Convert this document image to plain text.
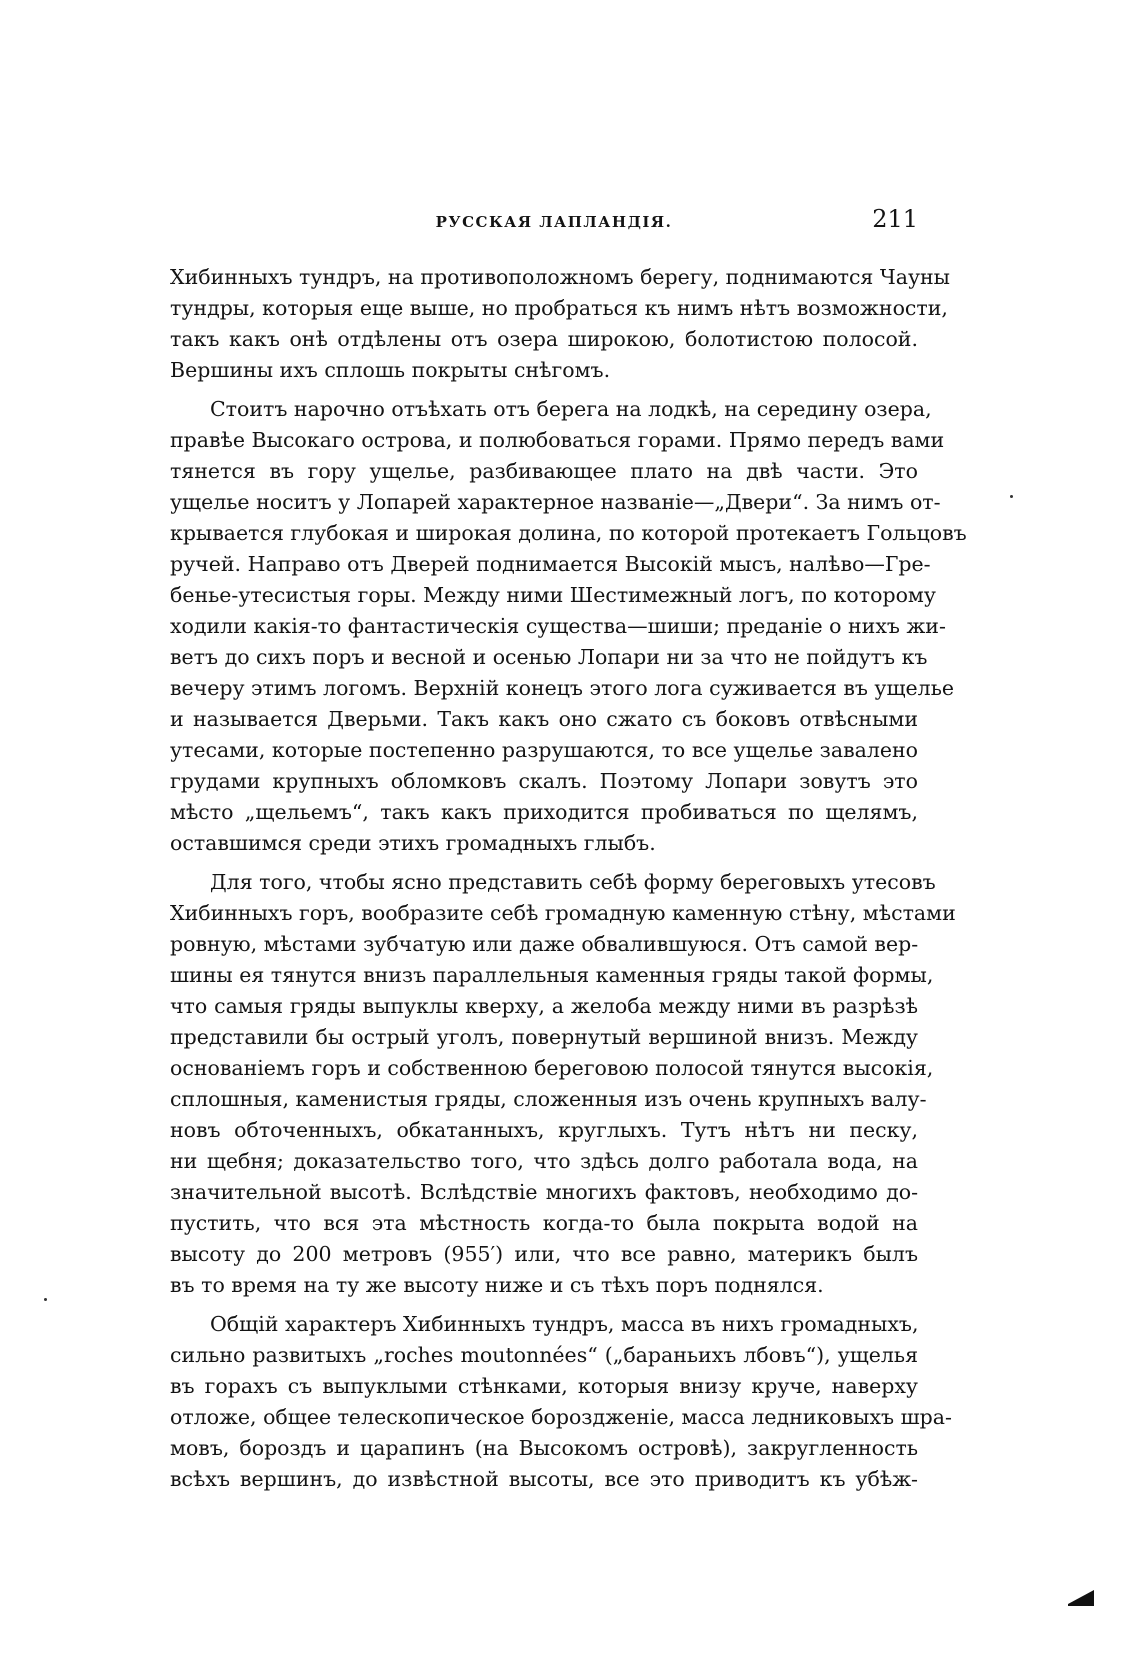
РУССКАЯ ЛАПЛАНДІЯ.	211
Хибинныхъ тундръ, на противоположномъ берегу, поднимаются Чауны
тундры, которыя еще выше, но пробраться къ нимъ нѣтъ возможности,
такъ какъ онѣ отдѣлены отъ озера широкою, болотистою полосой.
Вершины ихъ сплошь покрыты снѣгомъ.
Стоитъ нарочно отъѣхать отъ берега на лодкѣ, на середину озера,
правѣе Высокаго острова, и полюбоваться горами. Прямо передъ вами
тянется въ гору ущелье, разбивающее плато на двѣ части. Это
ущелье носитъ у Лопарей характерное названіе—„Двери“. За нимъ от-
крывается глубокая и широкая долина, по которой протекаетъ Гольцовъ
ручей. Направо отъ Дверей поднимается Высокій мысъ, налѣво—Гре-
бенье-утесистыя горы. Между ними Шестимежный логъ, по которому
ходили какія-то фантастическія существа—шиши; преданіе о нихъ жи-
ветъ до сихъ поръ и весной и осенью Лопари ни за что не пойдутъ къ
вечеру этимъ логомъ. Верхній конецъ этого лога суживается въ ущелье
и называется Дверьми. Такъ какъ оно сжато съ боковъ отвѣсными
утесами, которые постепенно разрушаются, то все ущелье завалено
грудами крупныхъ обломковъ скалъ. Поэтому Лопари зовутъ это
мѣсто „щельемъ“, такъ какъ приходится пробиваться по щелямъ,
оставшимся среди этихъ громадныхъ глыбъ.
Для того, чтобы ясно представить себѣ форму береговыхъ утесовъ
Хибинныхъ горъ, вообразите себѣ громадную каменную стѣну, мѣстами
ровную, мѣстами зубчатую или даже обвалившуюся. Отъ самой вер-
шины ея тянутся внизъ параллельныя каменныя гряды такой формы,
что самыя гряды выпуклы кверху, а желоба между ними въ разрѣзѣ
представили бы острый уголъ, повернутый вершиной внизъ. Между
основаніемъ горъ и собственною береговою полосой тянутся высокія,
сплошныя, каменистыя гряды, сложенныя изъ очень крупныхъ валу-
новъ обточенныхъ, обкатанныхъ, круглыхъ. Тутъ нѣтъ ни песку,
ни щебня; доказательство того, что здѣсь долго работала вода, на
значительной высотѣ. Вслѣдствіе многихъ фактовъ, необходимо до-
пустить, что вся эта мѣстность когда-то была покрыта водой на
высоту до 200 метровъ (955′) или, что все равно, материкъ былъ
въ то время на ту же высоту ниже и съ тѣхъ поръ поднялся.
Общій характеръ Хибинныхъ тундръ, масса въ нихъ громадныхъ,
сильно развитыхъ „roches moutonnées“ („бараньихъ лбовъ“), ущелья
въ горахъ съ выпуклыми стѣнками, которыя внизу круче, наверху
отложе, общее телескопическое бороздженіе, масса ледниковыхъ шра-
мовъ, бороздъ и царапинъ (на Высокомъ островѣ), закругленность
всѣхъ вершинъ, до извѣстной высоты, все это приводитъ къ убѣж-
